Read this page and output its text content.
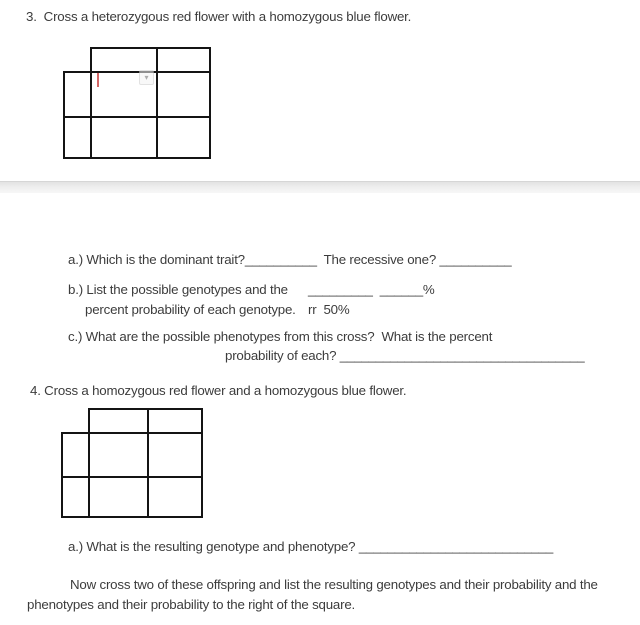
3.  Cross a heterozygous red flower with a homozygous blue flower.
▾
a.) Which is the dominant trait?__________  The recessive one? __________
b.) List the possible genotypes and the _________  ______%
percent probability of each genotype. rr  50%
c.) What are the possible phenotypes from this cross?  What is the percent
probability of each? __________________________________
4. Cross a homozygous red flower and a homozygous blue flower.
a.) What is the resulting genotype and phenotype? ___________________________
Now cross two of these offspring and list the resulting genotypes and their probability and the
phenotypes and their probability to the right of the square.
